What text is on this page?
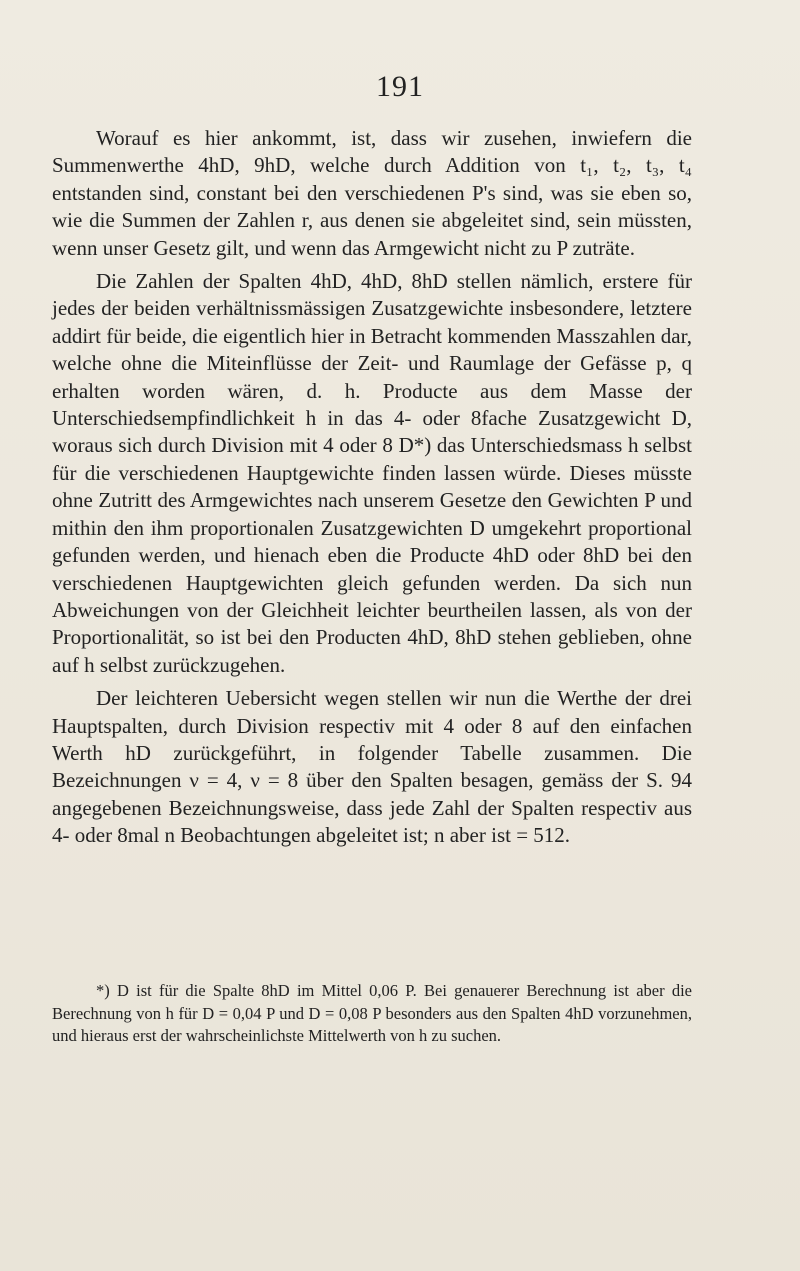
191

Worauf es hier ankommt, ist, dass wir zusehen, inwiefern die Summenwerthe 4hD, 9hD, welche durch Addition von t₁, t₂, t₃, t₄ entstanden sind, constant bei den verschiedenen P's sind, was sie eben so, wie die Summen der Zahlen r, aus denen sie abgeleitet sind, sein müssten, wenn unser Gesetz gilt, und wenn das Armgewicht nicht zu P zuträte.

Die Zahlen der Spalten 4hD, 4hD, 8hD stellen nämlich, erstere für jedes der beiden verhältnissmässigen Zusatzgewichte insbesondere, letztere addirt für beide, die eigentlich hier in Betracht kommenden Masszahlen dar, welche ohne die Miteinflüsse der Zeit- und Raumlage der Gefässe p, q erhalten worden wären, d. h. Producte aus dem Masse der Unterschiedsempfindlichkeit h in das 4- oder 8fache Zusatzgewicht D, woraus sich durch Division mit 4 oder 8 D*) das Unterschiedsmass h selbst für die verschiedenen Hauptgewichte finden lassen würde. Dieses müsste ohne Zutritt des Armgewichtes nach unserem Gesetze den Gewichten P und mithin den ihm proportionalen Zusatzgewichten D umgekehrt proportional gefunden werden, und hienach eben die Producte 4hD oder 8hD bei den verschiedenen Hauptgewichten gleich gefunden werden. Da sich nun Abweichungen von der Gleichheit leichter beurtheilen lassen, als von der Proportionalität, so ist bei den Producten 4hD, 8hD stehen geblieben, ohne auf h selbst zurückzugehen.

Der leichteren Uebersicht wegen stellen wir nun die Werthe der drei Hauptspalten, durch Division respectiv mit 4 oder 8 auf den einfachen Werth hD zurückgeführt, in folgender Tabelle zusammen. Die Bezeichnungen ν = 4, ν = 8 über den Spalten besagen, gemäss der S. 94 angegebenen Bezeichnungsweise, dass jede Zahl der Spalten respectiv aus 4- oder 8mal n Beobachtungen abgeleitet ist; n aber ist = 512.

*) D ist für die Spalte 8hD im Mittel 0,06 P. Bei genauerer Berechnung ist aber die Berechnung von h für D = 0,04 P und D = 0,08 P besonders aus den Spalten 4hD vorzunehmen, und hieraus erst der wahrscheinlichste Mittelwerth von h zu suchen.
